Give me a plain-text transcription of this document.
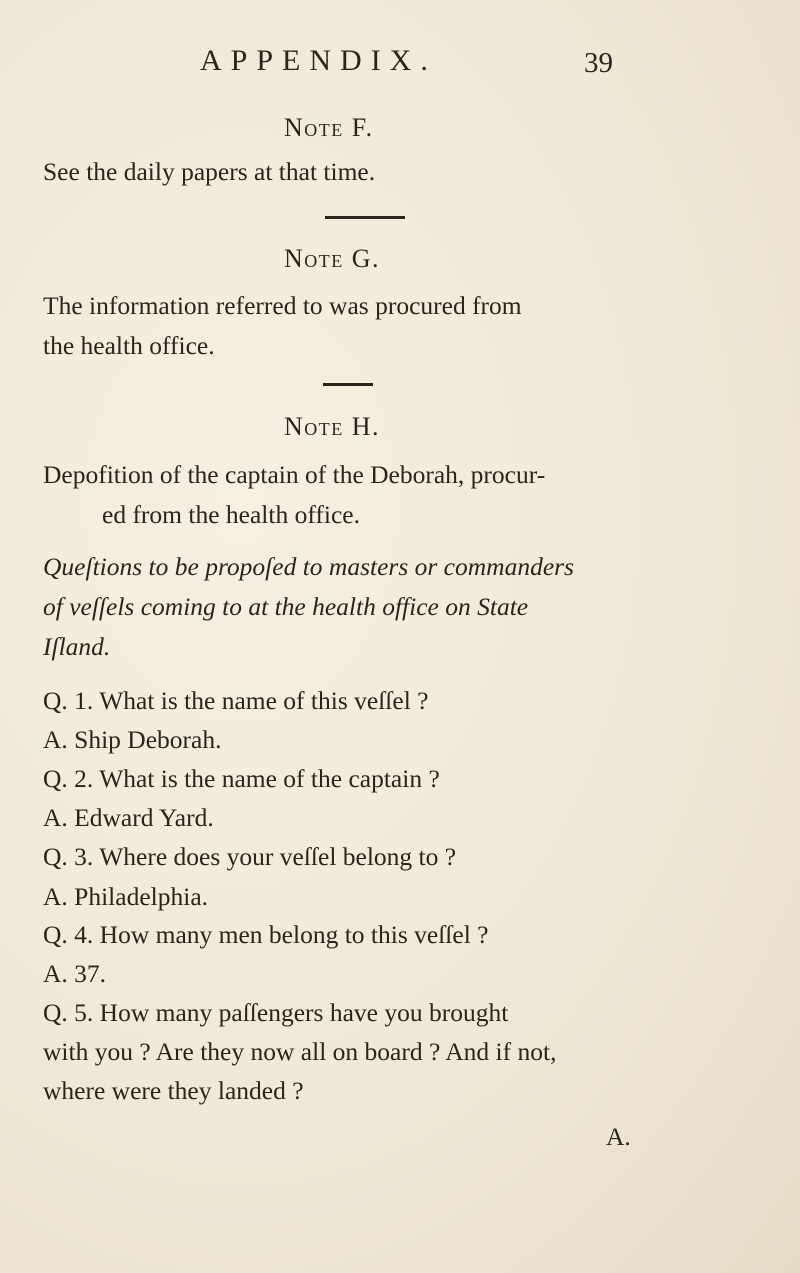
APPENDIX.	39
Note F.
See the daily papers at that time.
Note G.
The information referred to was procured from
the health office.
Note H.
Depofition of the captain of the Deborah, procur-
ed from the health office.
Queſtions to be propoſed to masters or commanders
of veſſels coming to at the health office on State
Iſland.
Q. 1. What is the name of this veſſel ?
A. Ship Deborah.
Q. 2. What is the name of the captain ?
A. Edward Yard.
Q. 3. Where does your veſſel belong to ?
A. Philadelphia.
Q. 4. How many men belong to this veſſel ?
A. 37.
Q. 5. How many paſſengers have you brought
with you ? Are they now all on board ? And if not,
where were they landed ?
A.
